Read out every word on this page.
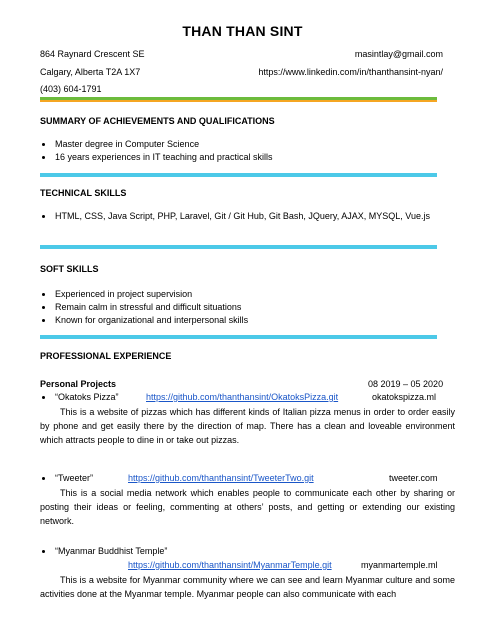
THAN THAN SINT
864 Raynard Crescent SE
Calgary, Alberta T2A 1X7
(403) 604-1791
masintlay@gmail.com
https://www.linkedin.com/in/thanthansint-nyan/
SUMMARY OF ACHIEVEMENTS AND QUALIFICATIONS
Master degree in Computer Science
16 years experiences in IT teaching and practical skills
TECHNICAL SKILLS
HTML, CSS, Java Script, PHP, Laravel, Git / Git Hub, Git Bash, JQuery, AJAX, MYSQL, Vue.js
SOFT SKILLS
Experienced in project supervision
Remain calm in stressful and difficult situations
Known for organizational and interpersonal skills
PROFESSIONAL EXPERIENCE
Personal Projects	08 2019 – 05 2020
“Okatoks Pizza”	https://github.com/thanthansint/OkatoksPizza.git	okatokspizza.ml
This is a website of pizzas which has different kinds of Italian pizza menus in order to order easily by phone and get easily there by the direction of map. There has a clean and loveable environment which attracts people to dine in or take out pizzas.
“Tweeter”	https://github.com/thanthansint/TweeterTwo.git	tweeter.com
This is a social media network which enables people to communicate each other by sharing or posting their ideas or feeling, commenting at others’ posts, and getting or extending our existing network.
“Myanmar Buddhist Temple”
https://github.com/thanthansint/MyanmarTemple.git	myanmartemple.ml
This is a website for Myanmar community where we can see and learn Myanmar culture and some activities done at the Myanmar temple. Myanmar people can also communicate with each
